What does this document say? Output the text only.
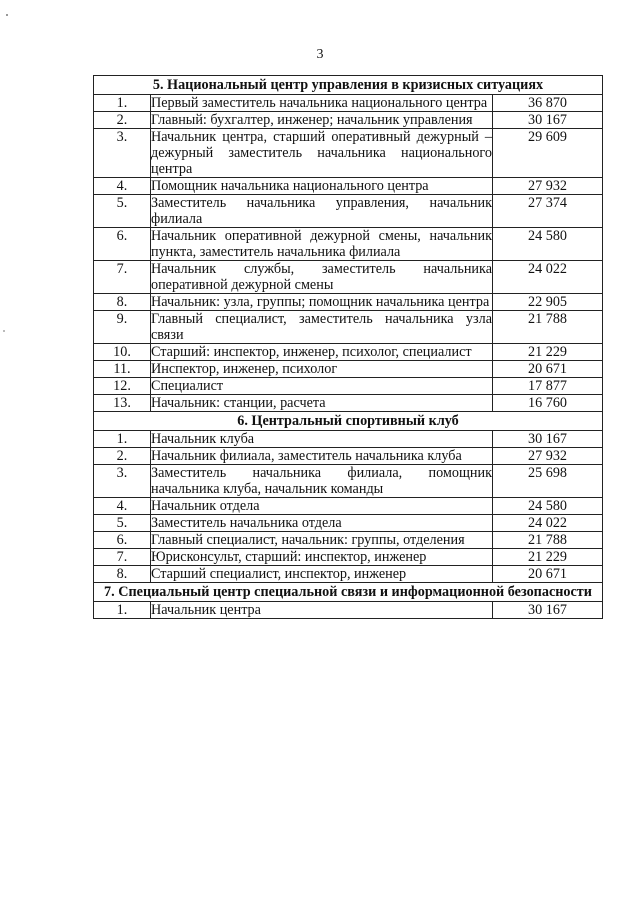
3
5. Национальный центр управления в кризисных ситуациях		
1.	Первый заместитель начальника национального центра	36 870
2.	Главный: бухгалтер, инженер; начальник управления	30 167
3.	Начальник центра, старший оперативный дежурный – дежурный заместитель начальника национального центра	29 609
4.	Помощник начальника национального центра	27 932
5.	Заместитель начальника управления, начальник филиала	27 374
6.	Начальник оперативной дежурной смены, начальник пункта, заместитель начальника филиала	24 580
7.	Начальник службы, заместитель начальника оперативной дежурной смены	24 022
8.	Начальник: узла, группы; помощник начальника центра	22 905
9.	Главный специалист, заместитель начальника узла связи	21 788
10.	Старший: инспектор, инженер, психолог, специалист	21 229
11.	Инспектор, инженер, психолог	20 671
12.	Специалист	17 877
13.	Начальник: станции, расчета	16 760
6. Центральный спортивный клуб		
1.	Начальник клуба	30 167
2.	Начальник филиала, заместитель начальника клуба	27 932
3.	Заместитель начальника филиала, помощник начальника клуба, начальник команды	25 698
4.	Начальник отдела	24 580
5.	Заместитель начальника отдела	24 022
6.	Главный специалист, начальник: группы, отделения	21 788
7.	Юрисконсульт, старший: инспектор, инженер	21 229
8.	Старший специалист, инспектор, инженер	20 671
7. Специальный центр специальной связи и информационной безопасности		
1.	Начальник центра	30 167
